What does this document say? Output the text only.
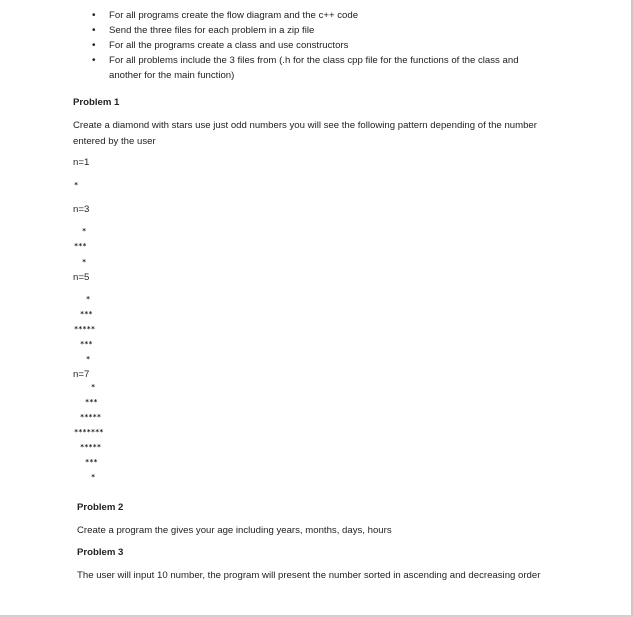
• For all programs create the flow diagram and the c++ code
• Send the three files for each problem in a zip file
• For all the programs create a class and use constructors
• For all problems include the 3 files from (.h for the class cpp file for the functions of the class and another for the main function)
Problem 1
Create a diamond with stars use just odd numbers you will see the following pattern depending of the number entered by the user
n=1
*
n=3
*
***
*
n=5
*
***
*****
***
*
n=7
*
***
*****
*******
*****
***
*
Problem 2
Create a program the gives your age including years, months, days, hours
Problem 3
The user will input 10 number, the program will present the number sorted in ascending and decreasing order
